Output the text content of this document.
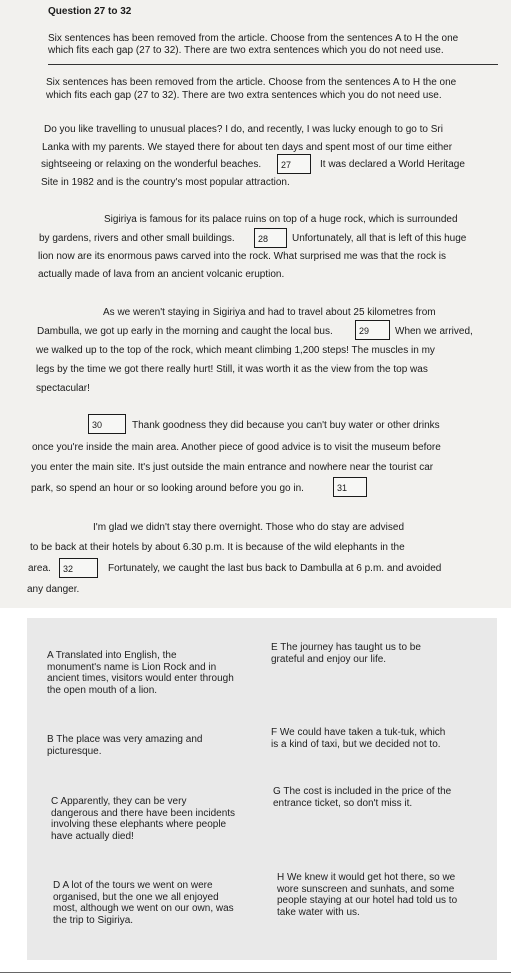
Question 27 to 32
Six sentences has been removed from the article. Choose from the sentences A to H the one
which fits each gap (27 to 32). There are two extra sentences which you do not need use.
Six sentences has been removed from the article. Choose from the sentences A to H the one
which fits each gap (27 to 32). There are two extra sentences which you do not need use.
Do you like travelling to unusual places? I do, and recently, I was lucky enough to go to Sri
Lanka with my parents. We stayed there for about ten days and spent most of our time either
sightseeing or relaxing on the wonderful beaches.	27	It was declared a World Heritage
Site in 1982 and is the country's most popular attraction.
Sigiriya is famous for its palace ruins on top of a huge rock, which is surrounded
by gardens, rivers and other small buildings.	28	Unfortunately, all that is left of this huge
lion now are its enormous paws carved into the rock. What surprised me was that the rock is
actually made of lava from an ancient volcanic eruption.
As we weren't staying in Sigiriya and had to travel about 25 kilometres from
Dambulla, we got up early in the morning and caught the local bus.	29	When we arrived,
we walked up to the top of the rock, which meant climbing 1,200 steps! The muscles in my
legs by the time we got there really hurt! Still, it was worth it as the view from the top was
spectacular!
30	Thank goodness they did because you can't buy water or other drinks
once you're inside the main area. Another piece of good advice is to visit the museum before
you enter the main site. It's just outside the main entrance and nowhere near the tourist car
park, so spend an hour or so looking around before you go in.	31
I'm glad we didn't stay there overnight. Those who do stay are advised
to be back at their hotels by about 6.30 p.m. It is because of the wild elephants in the
area.	32	Fortunately, we caught the last bus back to Dambulla at 6 p.m. and avoided
any danger.
A Translated into English, the
monument's name is Lion Rock and in
ancient times, visitors would enter through
the open mouth of a lion.
B The place was very amazing and
picturesque.
C Apparently, they can be very
dangerous and there have been incidents
involving these elephants where people
have actually died!
D A lot of the tours we went on were
organised, but the one we all enjoyed
most, although we went on our own, was
the trip to Sigiriya.
E The journey has taught us to be
grateful and enjoy our life.
F We could have taken a tuk-tuk, which
is a kind of taxi, but we decided not to.
G The cost is included in the price of the
entrance ticket, so don't miss it.
H We knew it would get hot there, so we
wore sunscreen and sunhats, and some
people staying at our hotel had told us to
take water with us.
